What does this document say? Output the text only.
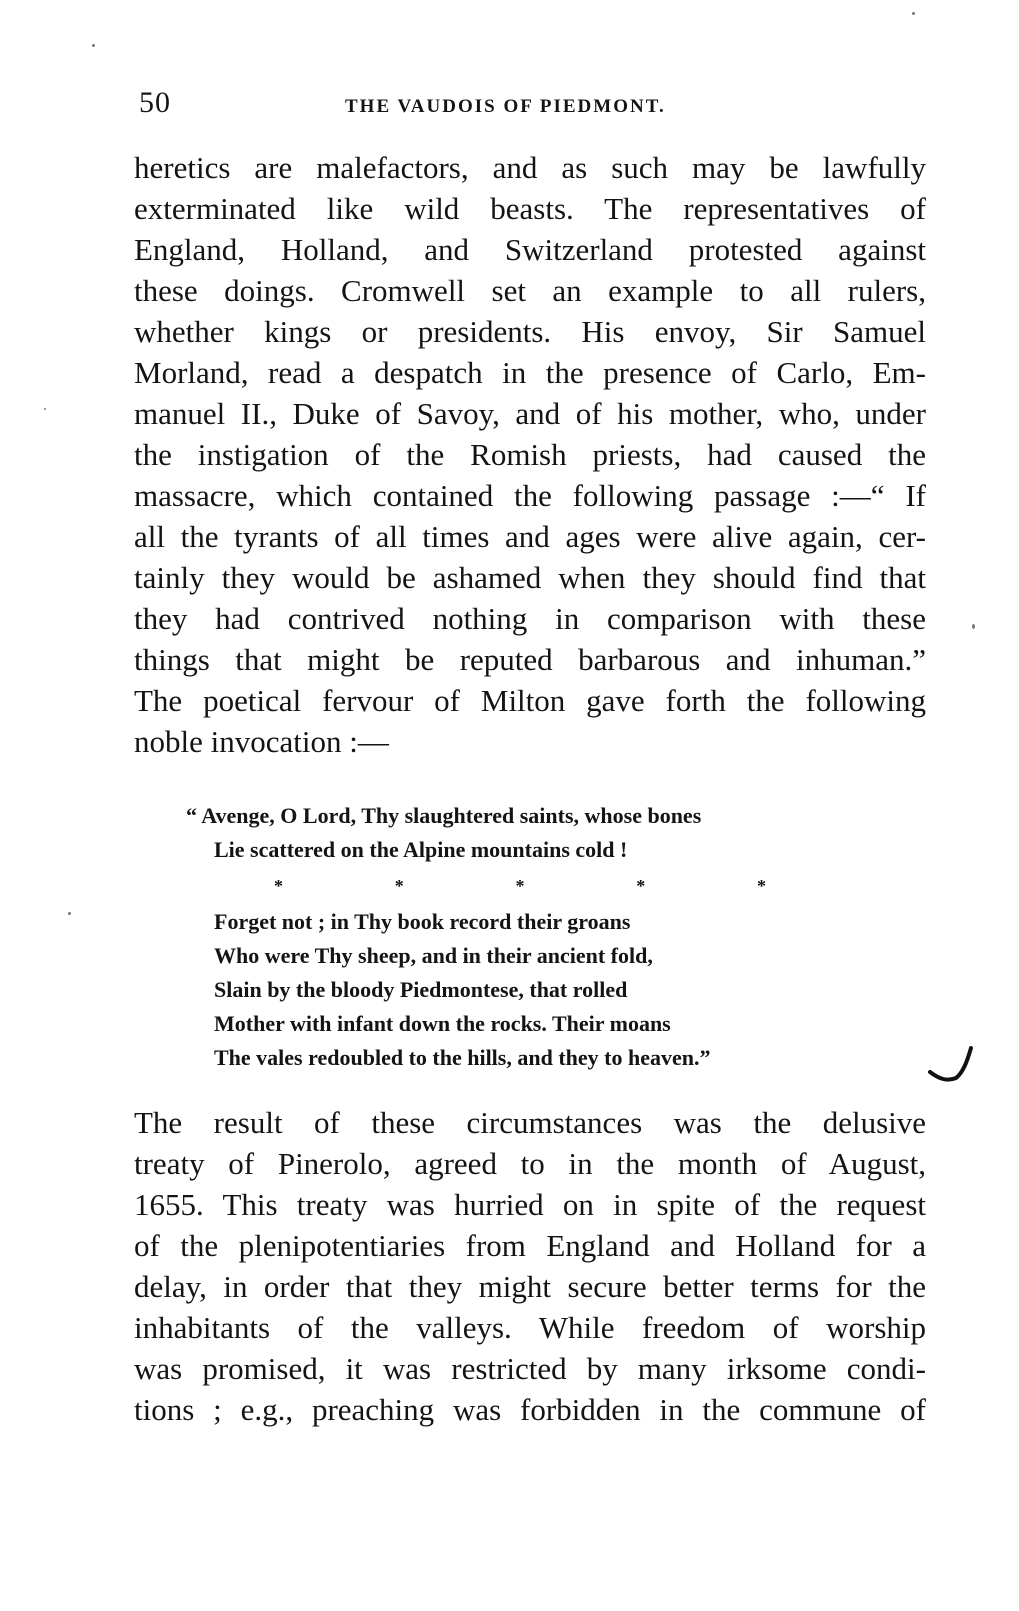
50	THE VAUDOIS OF PIEDMONT.
heretics are malefactors, and as such may be lawfully
exterminated like wild beasts. The representatives of
England, Holland, and Switzerland protested against
these doings. Cromwell set an example to all rulers,
whether kings or presidents. His envoy, Sir Samuel
Morland, read a despatch in the presence of Carlo, Em-
manuel II., Duke of Savoy, and of his mother, who, under
the instigation of the Romish priests, had caused the
massacre, which contained the following passage :—“ If
all the tyrants of all times and ages were alive again, cer-
tainly they would be ashamed when they should find that
they had contrived nothing in comparison with these
things that might be reputed barbarous and inhuman.”
The poetical fervour of Milton gave forth the following
noble invocation :—
“ Avenge, O Lord, Thy slaughtered saints, whose bones
Lie scattered on the Alpine mountains cold !
*	*	*	*	*
Forget not ; in Thy book record their groans
Who were Thy sheep, and in their ancient fold,
Slain by the bloody Piedmontese, that rolled
Mother with infant down the rocks. Their moans
The vales redoubled to the hills, and they to heaven.”
The result of these circumstances was the delusive
treaty of Pinerolo, agreed to in the month of August,
1655. This treaty was hurried on in spite of the request
of the plenipotentiaries from England and Holland for a
delay, in order that they might secure better terms for the
inhabitants of the valleys. While freedom of worship
was promised, it was restricted by many irksome condi-
tions ; e.g., preaching was forbidden in the commune of
